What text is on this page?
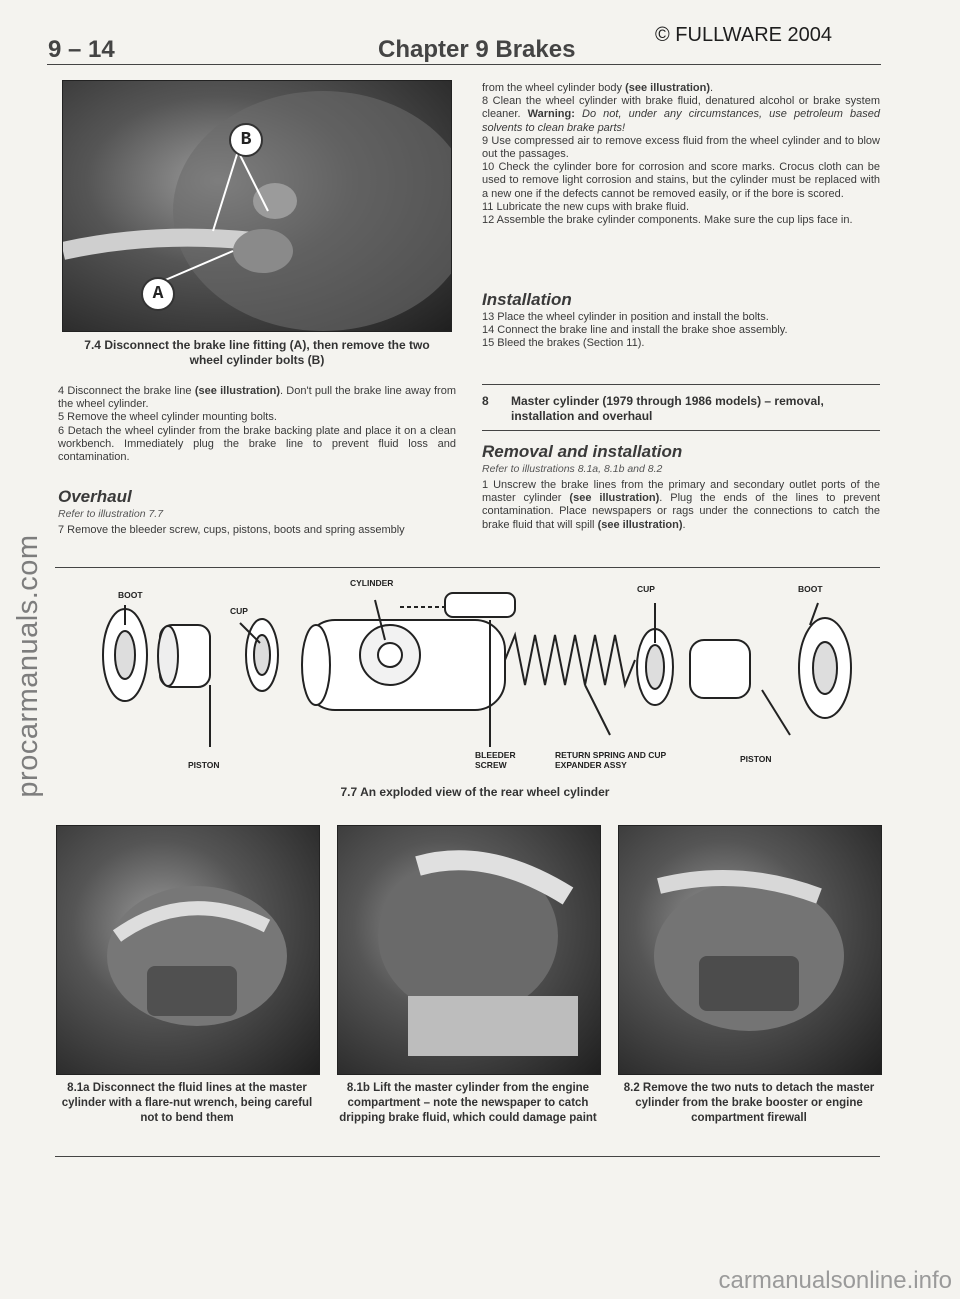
procarmanuals.com
© FULLWARE 2004
9 – 14	Chapter 9 Brakes
B
A
7.4 Disconnect the brake line fitting (A), then remove the two wheel cylinder bolts (B)

4 Disconnect the brake line (see illustration). Don't pull the brake line away from the wheel cylinder.

5 Remove the wheel cylinder mounting bolts.

6 Detach the wheel cylinder from the brake backing plate and place it on a clean workbench. Immediately plug the brake line to prevent fluid loss and contamination.

Overhaul
Refer to illustration 7.7
7 Remove the bleeder screw, cups, pistons, boots and spring assembly

from the wheel cylinder body (see illustration).

8 Clean the wheel cylinder with brake fluid, denatured alcohol or brake system cleaner. Warning: Do not, under any circumstances, use petroleum based solvents to clean brake parts!

9 Use compressed air to remove excess fluid from the wheel cylinder and to blow out the passages.

10 Check the cylinder bore for corrosion and score marks. Crocus cloth can be used to remove light corrosion and stains, but the cylinder must be replaced with a new one if the defects cannot be removed easily, or if the bore is scored.

11 Lubricate the new cups with brake fluid.

12 Assemble the brake cylinder components. Make sure the cup lips face in.

Installation

13 Place the wheel cylinder in position and install the bolts.

14 Connect the brake line and install the brake shoe assembly.

15 Bleed the brakes (Section 11).

8 Master cylinder (1979 through 1986 models) – removal, installation and overhaul
Removal and installation
Refer to illustrations 8.1a, 8.1b and 8.2
1 Unscrew the brake lines from the primary and secondary outlet ports of the master cylinder (see illustration). Plug the ends of the lines to prevent contamination. Place newspapers or rags under the connections to catch the brake fluid that will spill (see illustration).
BOOT
CUP
PISTON
CYLINDER
BLEEDER
SCREW
RETURN SPRING AND CUP
EXPANDER ASSY
CUP	BOOT
PISTON
7.7 An exploded view of the rear wheel cylinder
8.1a Disconnect the fluid lines at the master cylinder with a flare-nut wrench, being careful not to bend them
8.1b Lift the master cylinder from the engine compartment – note the newspaper to catch dripping brake fluid, which could damage paint
8.2 Remove the two nuts to detach the master cylinder from the brake booster or engine compartment firewall
carmanualsonline.info
